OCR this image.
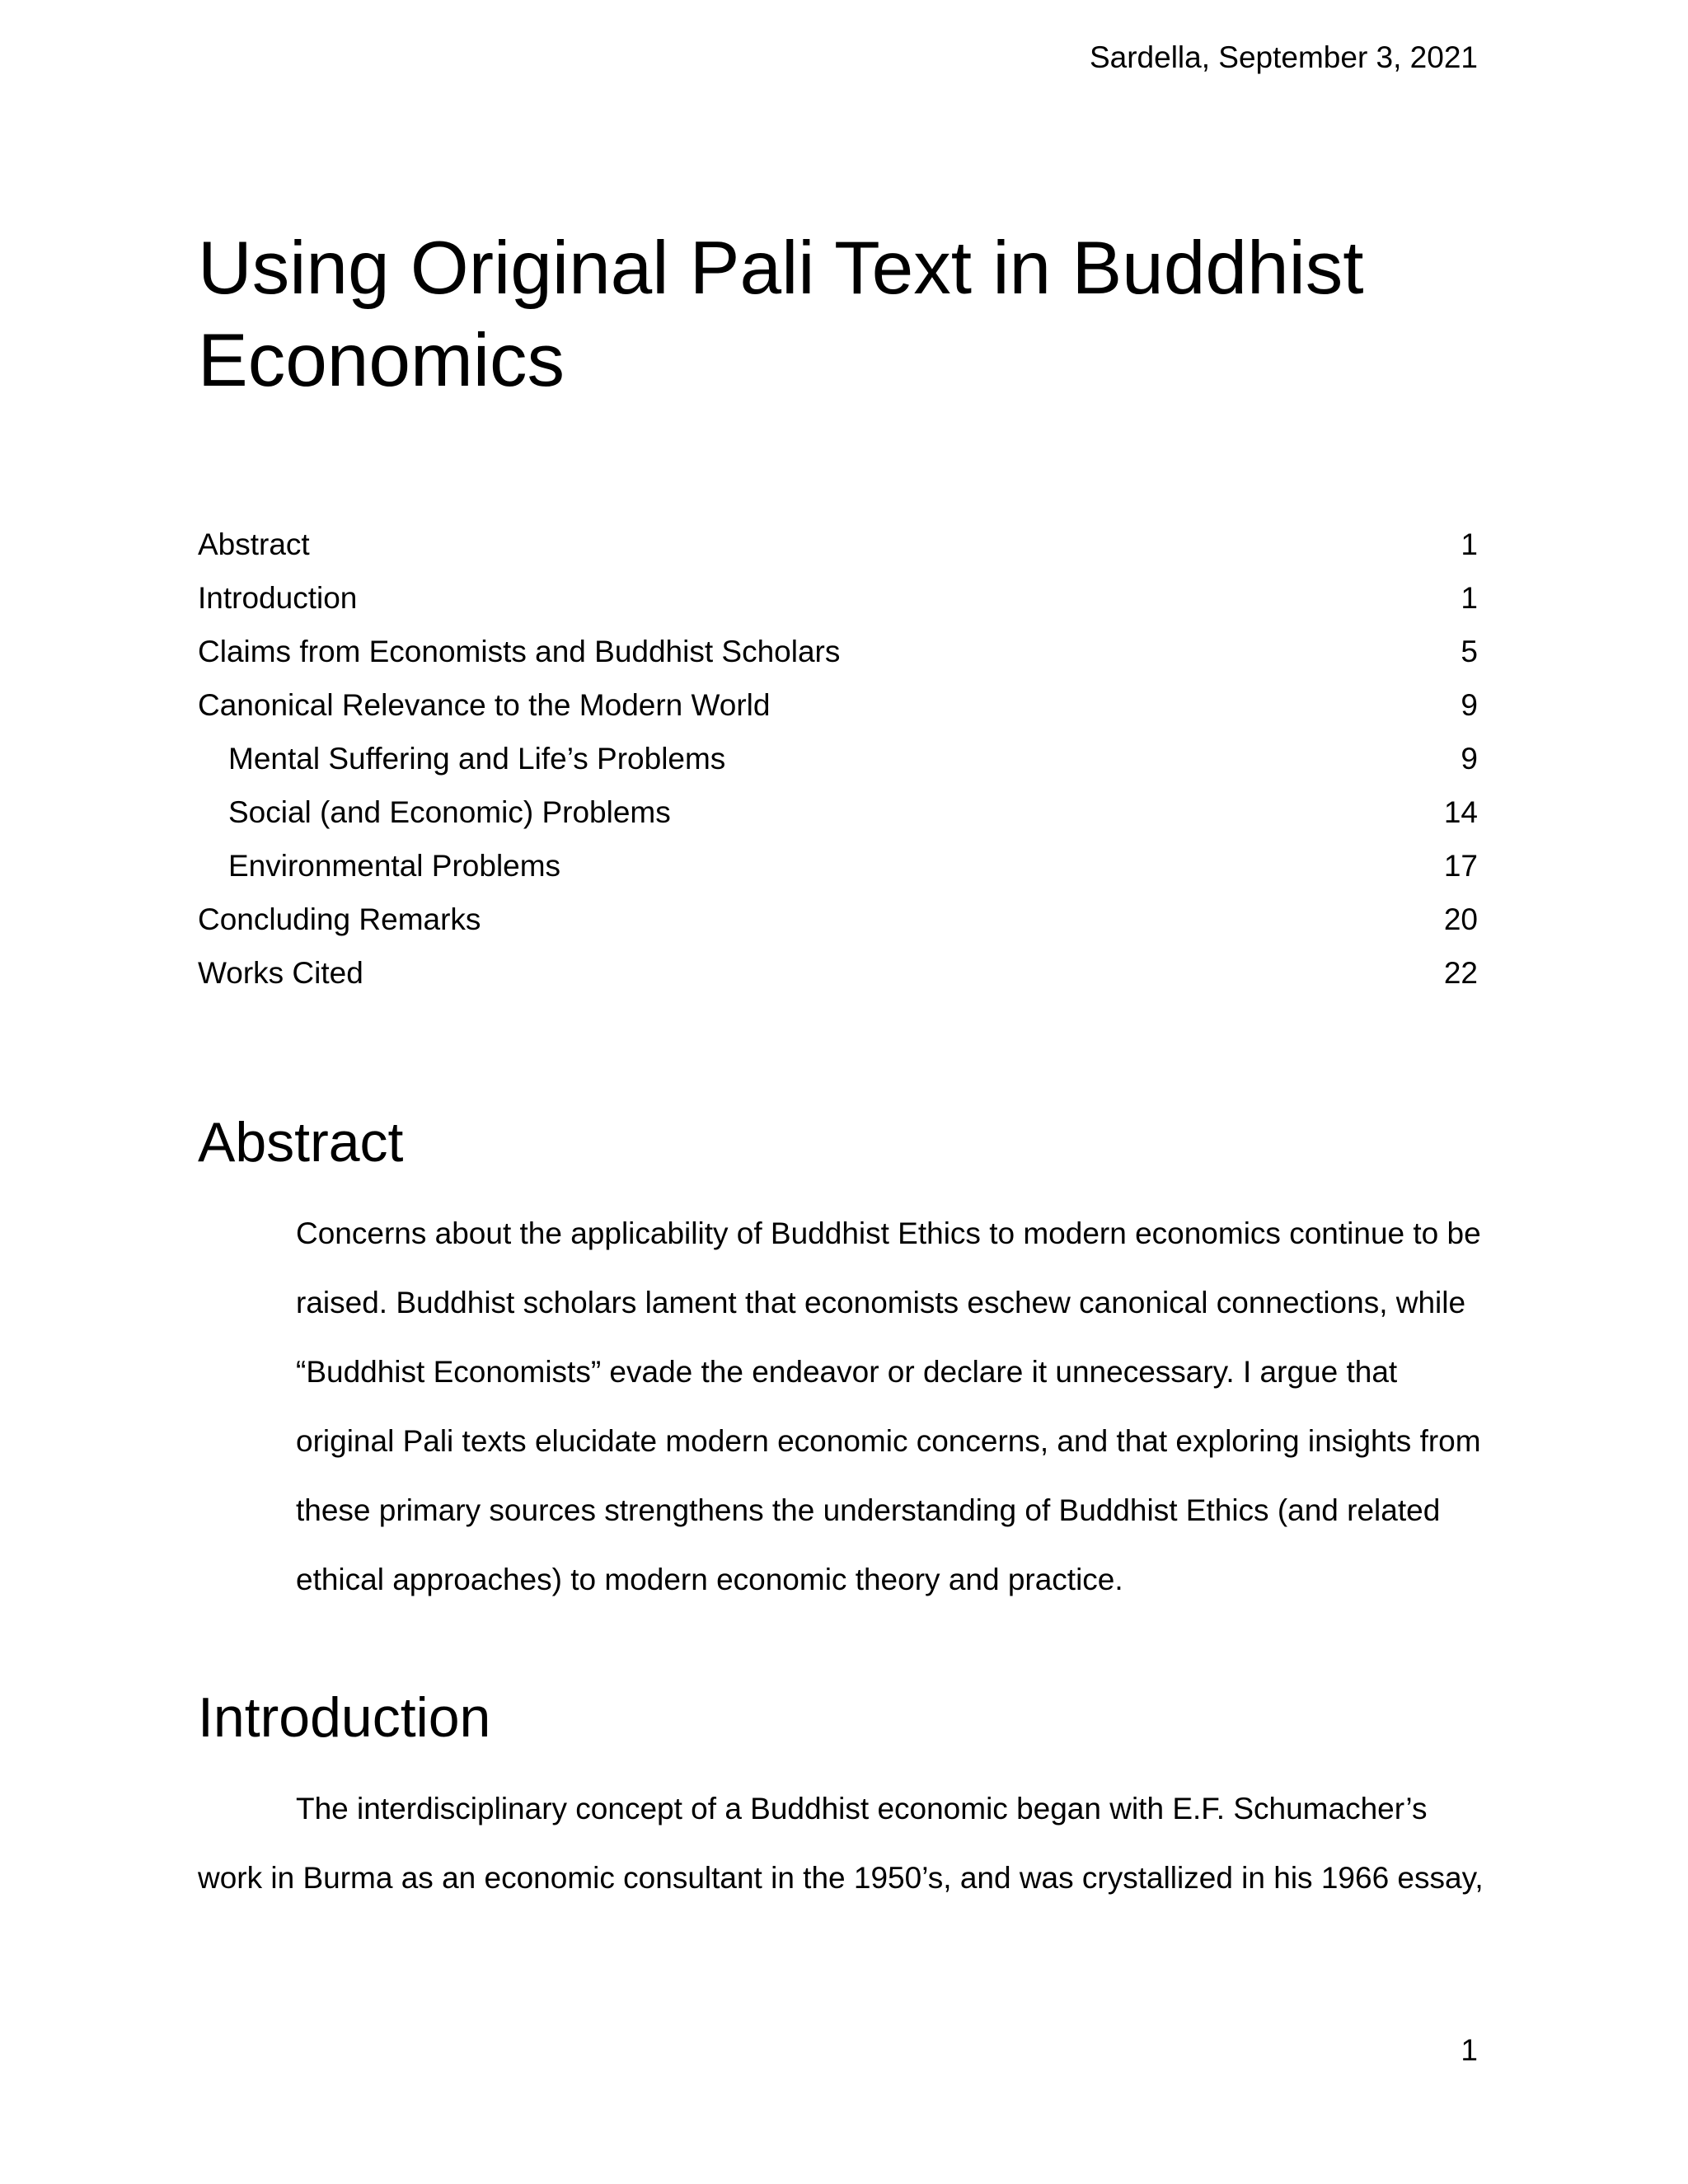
Sardella, September 3, 2021
Using Original Pali Text in Buddhist Economics
Abstract	1
Introduction	1
Claims from Economists and Buddhist Scholars	5
Canonical Relevance to the Modern World	9
Mental Suffering and Life’s Problems	9
Social (and Economic) Problems	14
Environmental Problems	17
Concluding Remarks	20
Works Cited	22
Abstract
Concerns about the applicability of Buddhist Ethics to modern economics continue to be
raised. Buddhist scholars lament that economists eschew canonical connections, while
“Buddhist Economists” evade the endeavor or declare it unnecessary. I argue that
original Pali texts elucidate modern economic concerns, and that exploring insights from
these primary sources strengthens the understanding of Buddhist Ethics (and related
ethical approaches) to modern economic theory and practice.
Introduction
The interdisciplinary concept of a Buddhist economic began with E.F. Schumacher’s
work in Burma as an economic consultant in the 1950’s, and was crystallized in his 1966 essay,
1
